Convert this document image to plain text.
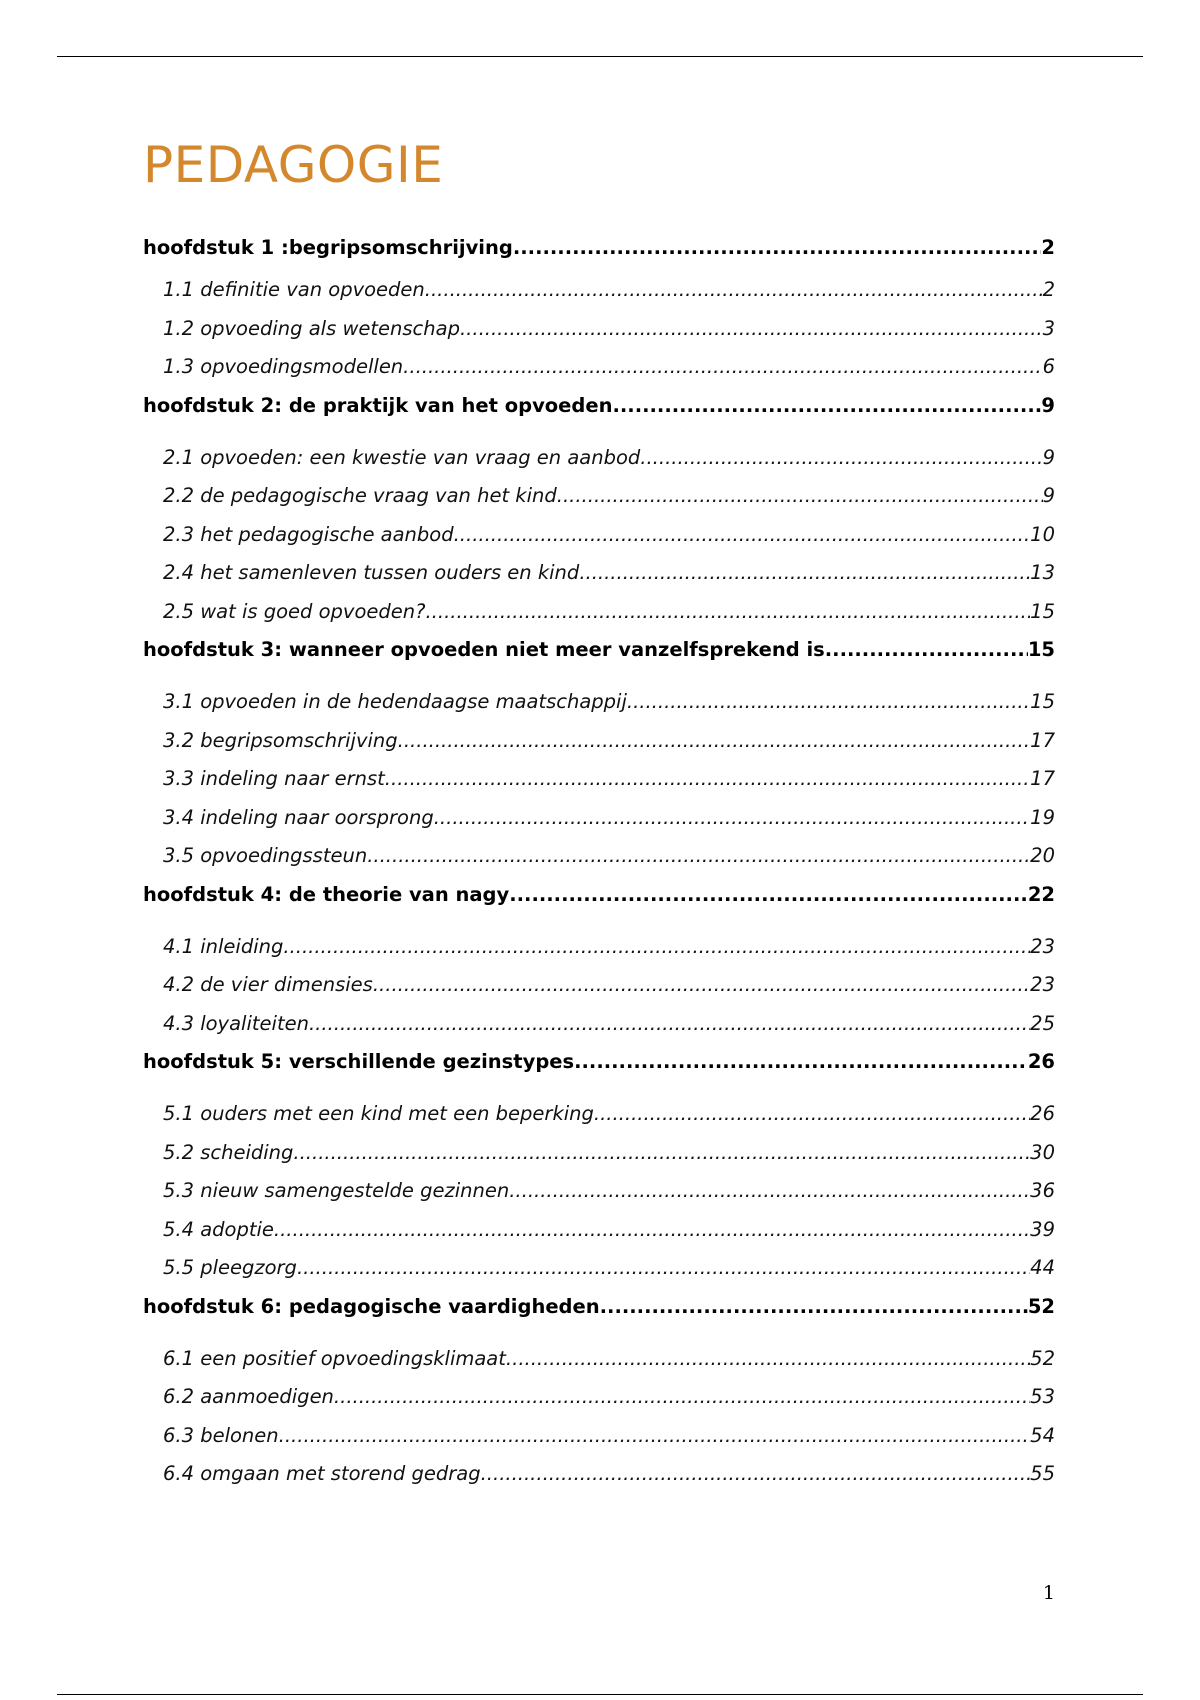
PEDAGOGIE
hoofdstuk 1 :begripsomschrijving .....	2
1.1 definitie van opvoeden .....	2
1.2 opvoeding als wetenschap .....	3
1.3 opvoedingsmodellen .....	6
hoofdstuk 2: de praktijk van het opvoeden .....	9
2.1 opvoeden: een kwestie van vraag en aanbod .....	9
2.2 de pedagogische vraag van het kind .....	9
2.3 het pedagogische aanbod .....	10
2.4 het samenleven tussen ouders en kind .....	13
2.5 wat is goed opvoeden? .....	15
hoofdstuk 3: wanneer opvoeden niet meer vanzelfsprekend is .....	15
3.1 opvoeden in de hedendaagse maatschappij .....	15
3.2 begripsomschrijving .....	17
3.3 indeling naar ernst .....	17
3.4 indeling naar oorsprong .....	19
3.5 opvoedingssteun .....	20
hoofdstuk 4: de theorie van nagy .....	22
4.1 inleiding .....	23
4.2 de vier dimensies .....	23
4.3 loyaliteiten .....	25
hoofdstuk 5: verschillende gezinstypes .....	26
5.1 ouders met een kind met een beperking .....	26
5.2 scheiding .....	30
5.3 nieuw samengestelde gezinnen .....	36
5.4 adoptie .....	39
5.5 pleegzorg .....	44
hoofdstuk 6: pedagogische vaardigheden .....	52
6.1 een positief opvoedingsklimaat .....	52
6.2 aanmoedigen .....	53
6.3 belonen .....	54
6.4 omgaan met storend gedrag .....	55
1
